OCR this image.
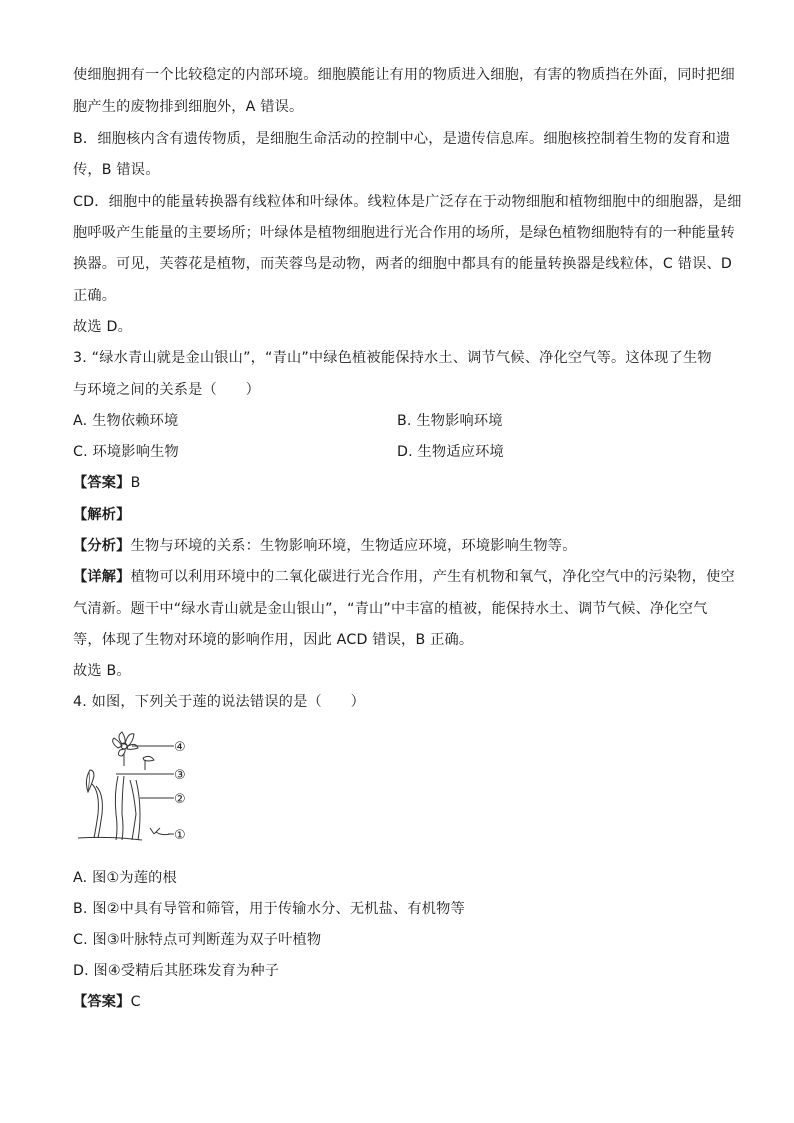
使细胞拥有一个比较稳定的内部环境。细胞膜能让有用的物质进入细胞，有害的物质挡在外面，同时把细
胞产生的废物排到细胞外，A 错误。
B．细胞核内含有遗传物质，是细胞生命活动的控制中心，是遗传信息库。细胞核控制着生物的发育和遗
传，B 错误。
CD．细胞中的能量转换器有线粒体和叶绿体。线粒体是广泛存在于动物细胞和植物细胞中的细胞器，是细
胞呼吸产生能量的主要场所；叶绿体是植物细胞进行光合作用的场所，是绿色植物细胞特有的一种能量转
换器。可见，芙蓉花是植物，而芙蓉鸟是动物，两者的细胞中都具有的能量转换器是线粒体，C 错误、D
正确。
故选 D。
3. “绿水青山就是金山银山”，“青山”中绿色植被能保持水土、调节气候、净化空气等。这体现了生物
与环境之间的关系是（　　）
A. 生物依赖环境	B. 生物影响环境
C. 环境影响生物	D. 生物适应环境
【答案】B
【解析】
【分析】生物与环境的关系：生物影响环境，生物适应环境，环境影响生物等。
【详解】植物可以利用环境中的二氧化碳进行光合作用，产生有机物和氧气，净化空气中的污染物，使空
气清新。题干中“绿水青山就是金山银山”，“青山”中丰富的植被，能保持水土、调节气候、净化空气
等，体现了生物对环境的影响作用，因此 ACD 错误，B 正确。
故选 B。
4. 如图，下列关于莲的说法错误的是（　　）
④
③
②
①
A. 图①为莲的根
B. 图②中具有导管和筛管，用于传输水分、无机盐、有机物等
C. 图③叶脉特点可判断莲为双子叶植物
D. 图④受精后其胚珠发育为种子
【答案】C
